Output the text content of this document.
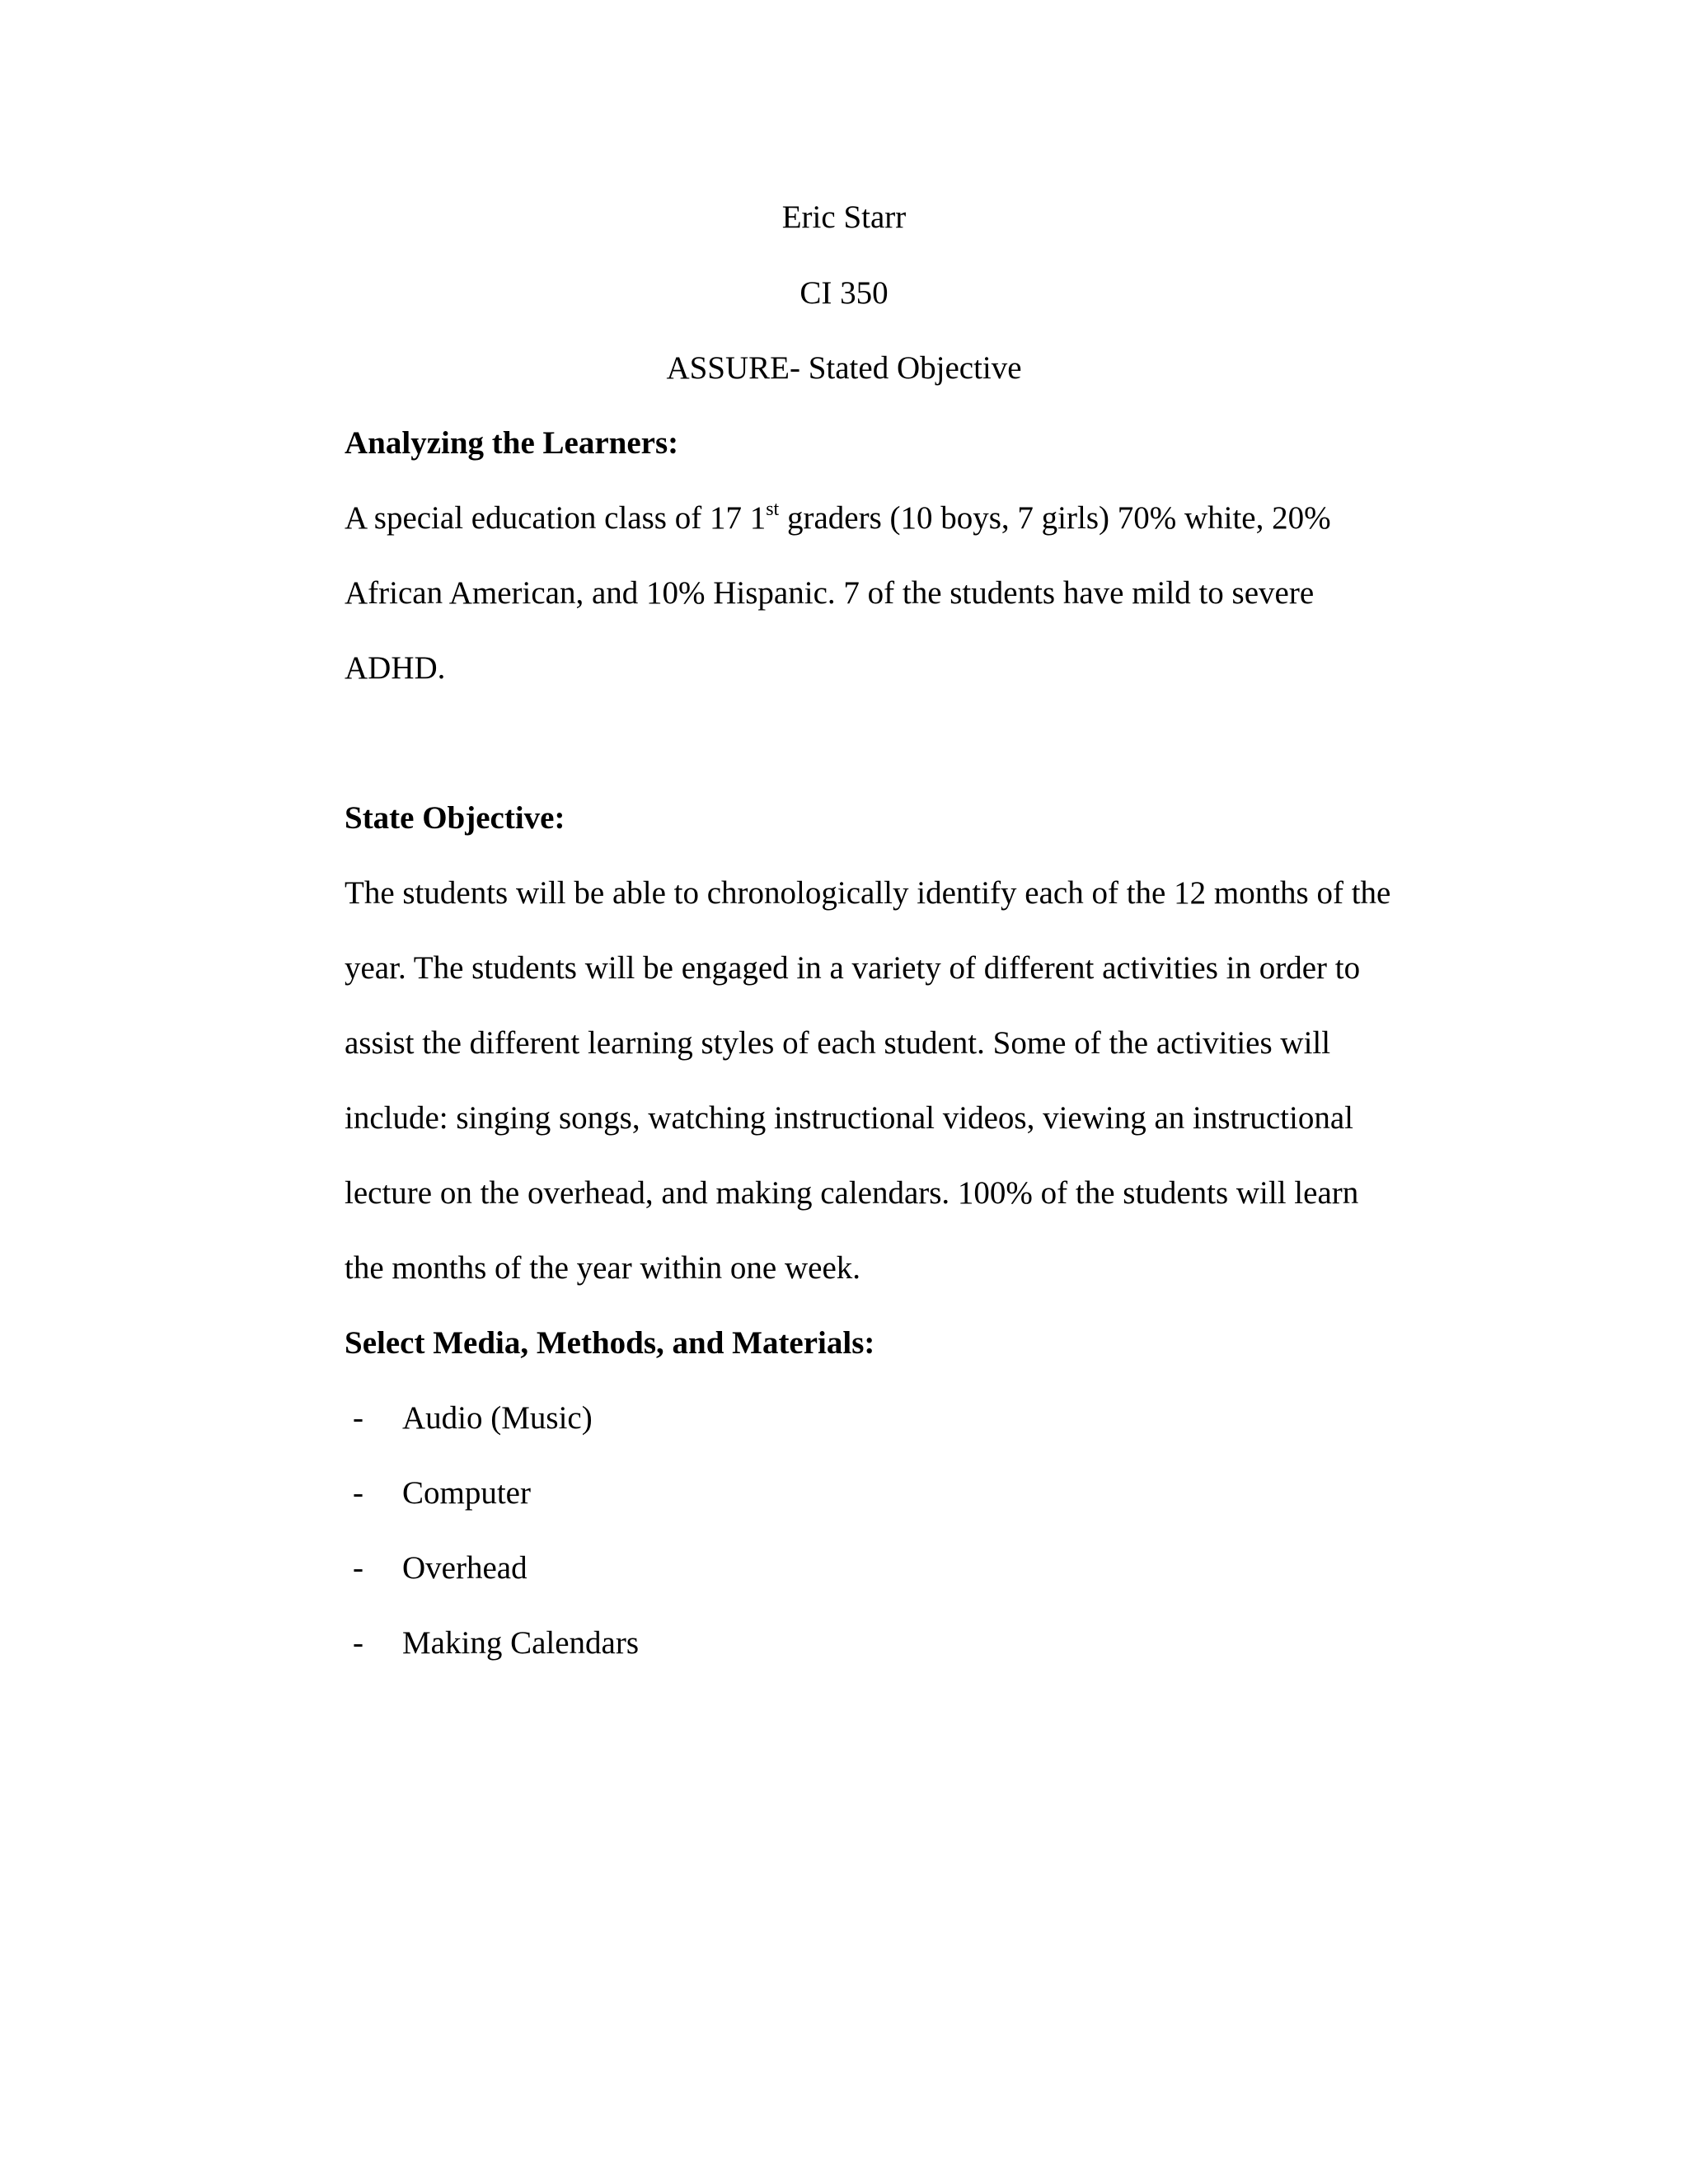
Eric Starr

CI 350

ASSURE- Stated Objective

Analyzing the Learners:

A special education class of 17 1st graders (10 boys, 7 girls) 70% white, 20%

African American, and 10% Hispanic. 7 of the students have mild to severe

ADHD.

State Objective:

The students will be able to chronologically identify each of the 12 months of the

year. The students will be engaged in a variety of different activities in order to

assist the different learning styles of each student. Some of the activities will

include: singing songs, watching instructional videos, viewing an instructional

lecture on the overhead, and making calendars. 100% of the students will learn

the months of the year within one week.

Select Media, Methods, and Materials:

- Audio (Music)
- Computer
- Overhead
- Making Calendars
